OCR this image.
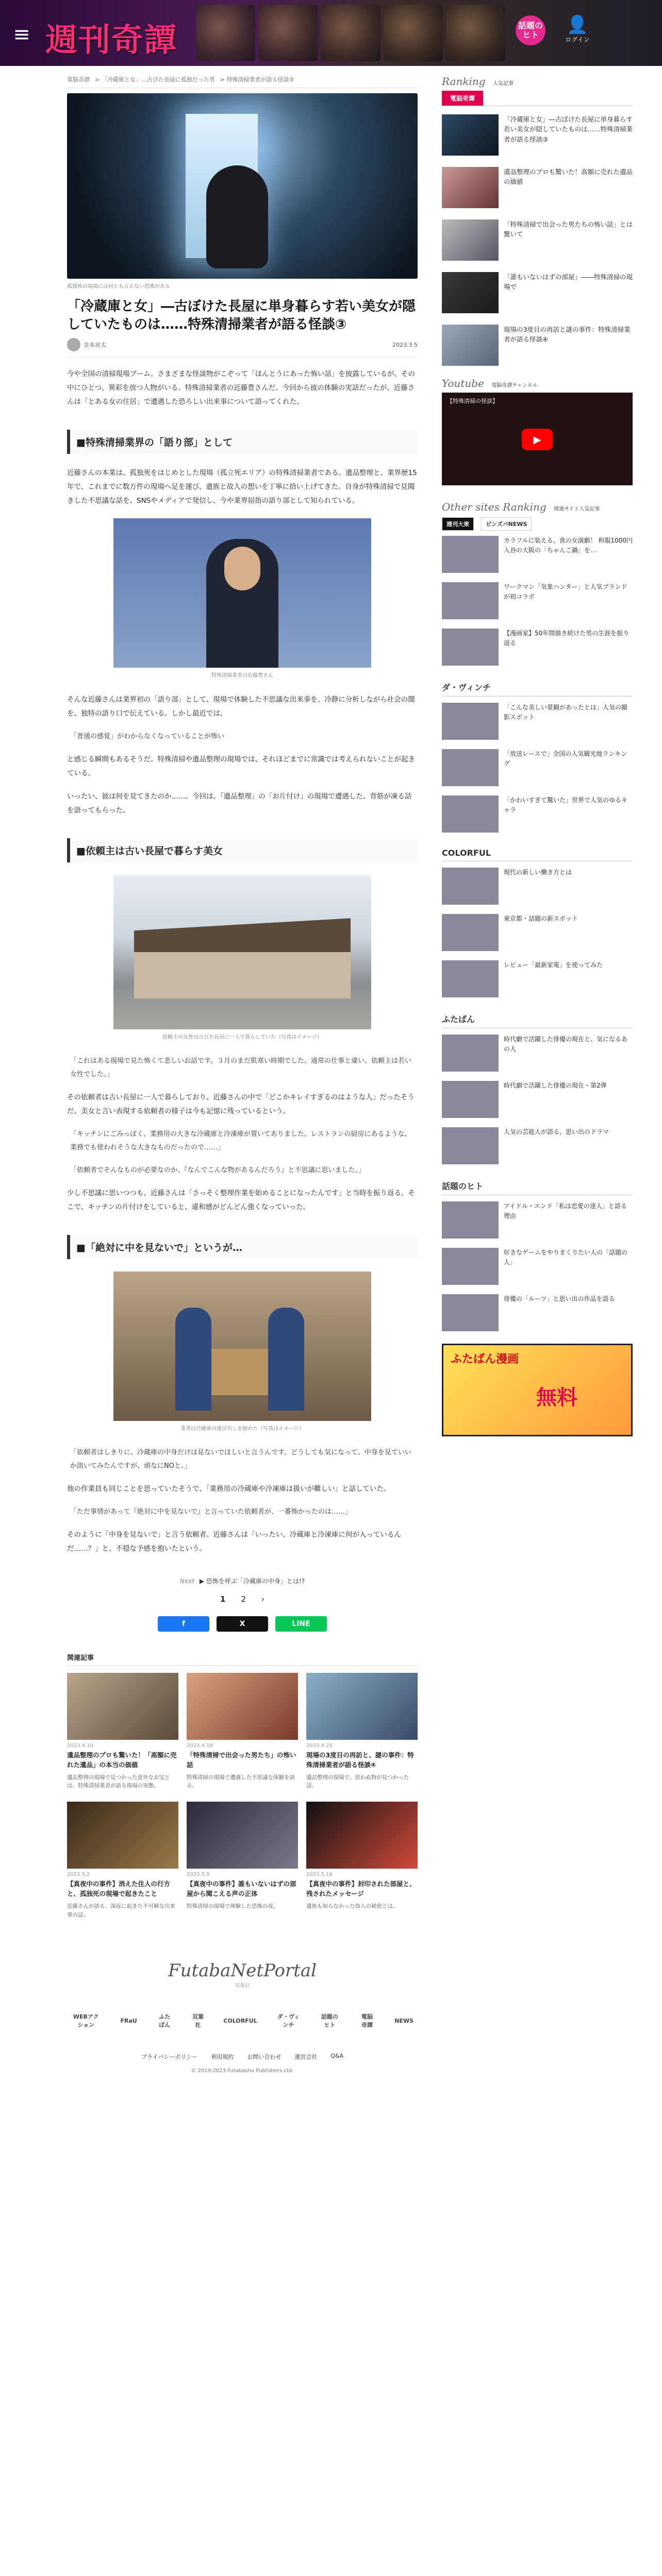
≡ 週刊奇譚	話題のヒト	👤
ログイン
電脳奇譚 > 「冷蔵庫と女」…古びた長屋に孤独だった男 > 特殊清掃業者が語る怪談③
孤独死の現場には何とも言えない恐怖がある
「冷蔵庫と女」―古ぼけた長屋に単身暮らす若い美女が隠していたものは……特殊清掃業者が語る怪談③
金本亮太	2023.3.5

今や全国の清掃現場ブーム。さまざまな怪談物がこぞって「ほんとうにあった怖い話」を披露しているが、その中にひとつ、異彩を放つ人物がいる。特殊清掃業者の近藤豊さんだ。今回から彼の体験の実話だったが、近藤さんは「とある女の住居」で遭遇した恐ろしい出来事について語ってくれた。

■特殊清掃業界の「語り部」として

近藤さんの本業は、孤独死をはじめとした現場（孤立死エリア）の特殊清掃業者である。遺品整理と、業界歴15年で、これまでに数万件の現場へ足を運び、遺族と故人の想いを丁寧に拾い上げてきた。自身が特殊清掃で見聞きした不思議な話を、SNSやメディアで発信し、今や業界屈指の語り部として知られている。

特殊清掃業者の近藤豊さん

そんな近藤さんは業界初の「語り部」として、現場で体験した不思議な出来事を、冷静に分析しながら社会の闇を、独特の語り口で伝えている。しかし最近では、

「普通の感覚」がわからなくなっていることが怖い

と感じる瞬間もあるそうだ。特殊清掃や遺品整理の現場では、それほどまでに常識では考えられないことが起きている。

いったい、彼は何を見てきたのか……。今回は、「遺品整理」の「お片付け」の現場で遭遇した、背筋が凍る話を語ってもらった。

■依頼主は古い長屋で暮らす美女
依頼主の女性は古びた長屋に一人で暮らしていた（写真はイメージ）

「これはある現場で見た怖くて悲しいお話です。３月のまだ肌寒い時期でした。通常の仕事と違い、依頼主は若い女性でした。」

その依頼者は古い長屋に一人で暮らしており、近藤さんの中で「どこかキレイすぎるのはような人」だったそうだ。美女と言い表現する依頼者の様子は今も記憶に残っているという。

「キッチンにごみっぽく、業務用の大きな冷蔵庫と冷凍庫が置いてありました。レストランの厨房にあるような、業務でも使われそうな大きなものだったので……」

「依頼者でそんなものが必要なのか、『なんでこんな物があるんだろう』と不思議に思いました。」

少し不思議に思いつつも、近藤さんは「さっそく整理作業を始めることになったんです」と当時を振り返る。そこで、キッチンの片付けをしていると、違和感がどんどん強くなっていった。

■「絶対に中を見ないで」というが…
業者は冷蔵庫の運び出しを始めた（写真はイメージ）

「依頼者はしきりに、冷蔵庫の中身だけは見ないでほしいと言うんです。どうしても気になって、中身を見ていいか訊いてみたんですが、頑なにNOと。」

他の作業員も同じことを思っていたそうで、「業務用の冷蔵庫や冷凍庫は扱いが難しい」と話していた。

「ただ事情があって『絶対に中を見ないで』と言っていた依頼者が、一番怖かったのは……」

そのように「中身を見ないで」と言う依頼者。近藤さんは「いったい、冷蔵庫と冷凍庫に何が入っているんだ……？」と、不穏な予感を抱いたという。

Next ▶ 恐怖を呼ぶ「冷蔵庫の中身」とは!?
1 2 ›
f	X	LINE
関連記事
2023.4.10
遺品整理のプロも驚いた！「高額に売れた遺品」の本当の価値
遺品整理の現場で見つかった意外なお宝とは。特殊清掃業者が語る現場の実態。
2023.4.18
「特殊清掃で出会った男たち」の怖い話
特殊清掃の現場で遭遇した不思議な体験を語る。
2023.4.25
現場の3度目の再訪と、謎の事件：特殊清掃業者が語る怪談④
遺品整理の現場で、思わぬ物が見つかった話。
2023.5.2
【真夜中の事件】消えた住人の行方と、孤独死の現場で起きたこと
近藤さんが語る、深夜に起きた不可解な出来事の話。
2023.5.9
【真夜中の事件】誰もいないはずの部屋から聞こえる声の正体
特殊清掃の現場で体験した恐怖の夜。
2023.5.16
【真夜中の事件】封印された部屋と、残されたメッセージ
遺族も知らなかった故人の秘密とは。
FutabaNetPortal
双葉社
WEBアクション
FRaU
ふたばん
双葉社
COLORFUL
ダ・ヴィンチ
話題のヒト
電脳奇譚
NEWS
プライバシーポリシー 利用規約 お問い合わせ 運営会社 Q&A
© 2019-2023 Futabasha Publishers Ltd.
Ranking 人気記事
電脳奇譚
「冷蔵庫と女」―古ぼけた長屋に単身暮らす若い美女が隠していたものは……特殊清掃業者が語る怪談③
遺品整理のプロも驚いた！高額に売れた遺品の価値
「特殊清掃で出会った男たちの怖い話」とは驚いて
「誰もいないはずの部屋」――特殊清掃の現場で
現場の3度目の再訪と謎の事件：特殊清掃業者が語る怪談④
Youtube 電脳奇譚チャンネル
【特殊清掃の怪談】
▶
Other sites Ranking 関連サイト人気記事
週刊大衆	ピンズバNEWS
カラフルに装える、食の女演劇！ 和服1000円入谷の大阪の「ちゃんこ鍋」を…
ワークマン「気象ハンター」と人気ブランドが初コラボ
【漫画家】50年間描き続けた男の生涯を振り返る
ダ・ヴィンチ
「こんな美しい景観があったとは」人気の撮影スポット
「放送レースで」全国の人気観光地ランキング
「かわいすぎて驚いた」世界で人気のゆるキャラ
COLORFUL
現代の新しい働き方とは
東京都・話題の新スポット
レビュー「最新家電」を使ってみた
ふたばん
時代劇で活躍した俳優の現在と、気になるあの人
時代劇で活躍した俳優の現在・第2弾
人気の芸能人が語る、思い出のドラマ
話題のヒト
アイドル・エンド「私は恋愛の達人」と語る理由
好きなゲームをやりまくりたい人の「話題の人」
俳優の「ルーツ」と思い出の作品を語る
ふたばん漫画
無料
